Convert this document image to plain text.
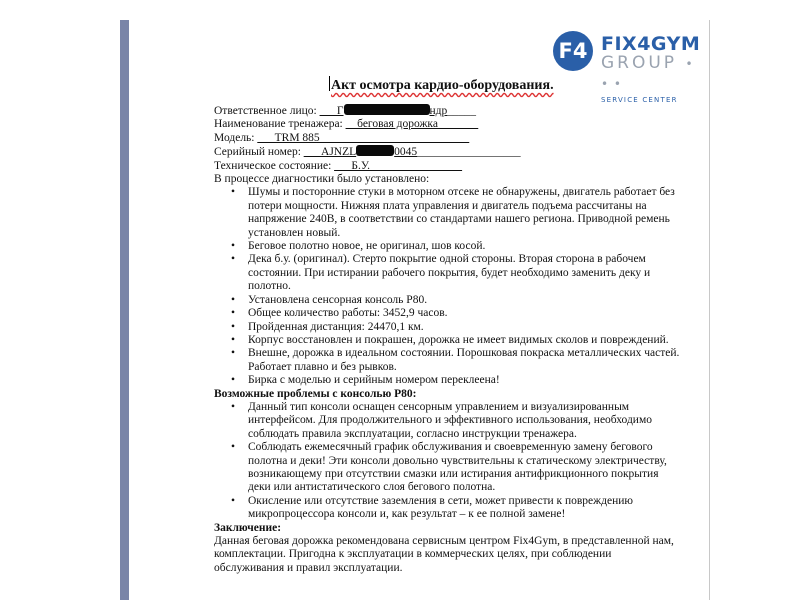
F4 FIX4GYM
GROUP • • •
SERVICE CENTER
Акт осмотра кардио-оборудования.
Ответственное лицо: ___Г	ндр_____
Наименование тренажера: __беговая дорожка_______
Модель: ___TRM 885__________________________
Серийный номер: ___AJNZL	0045__________________
Техническое состояние: ___Б.У.________________
В процессе диагностики было установлено:
• Шумы и посторонние стуки в моторном отсеке не обнаружены, двигатель работает без потери мощности. Нижняя плата управления и двигатель подъема рассчитаны на напряжение 240В, в соответствии со стандартами нашего региона. Приводной ремень установлен новый.
• Беговое полотно новое, не оригинал, шов косой.
• Дека б.у. (оригинал). Стерто покрытие одной стороны. Вторая сторона в рабочем состоянии. При истирании рабочего покрытия, будет необходимо заменить деку и полотно.
• Установлена сенсорная консоль P80.
• Общее количество работы: 3452,9 часов.
• Пройденная дистанция: 24470,1 км.
• Корпус восстановлен и покрашен, дорожка не имеет видимых сколов и повреждений.
• Внешне, дорожка в идеальном состоянии. Порошковая покраска металлических частей. Работает плавно и без рывков.
• Бирка с моделью и серийным номером переклеена!
Возможные проблемы с консолью P80:
• Данный тип консоли оснащен сенсорным управлением и визуализированным интерфейсом. Для продолжительного и эффективного использования, необходимо соблюдать правила эксплуатации, согласно инструкции тренажера.
• Соблюдать ежемесячный график обслуживания и своевременную замену бегового полотна и деки! Эти консоли довольно чувствительны к статическому электричеству, возникающему при отсутствии смазки или истирания антифрикционного покрытия деки или антистатического слоя бегового полотна.
• Окисление или отсутствие заземления в сети, может привести к повреждению микропроцессора консоли и, как результат – к ее полной замене!
Заключение:
Данная беговая дорожка рекомендована сервисным центром Fix4Gym, в представленной нам, комплектации. Пригодна к эксплуатации в коммерческих целях, при соблюдении обслуживания и правил эксплуатации.
